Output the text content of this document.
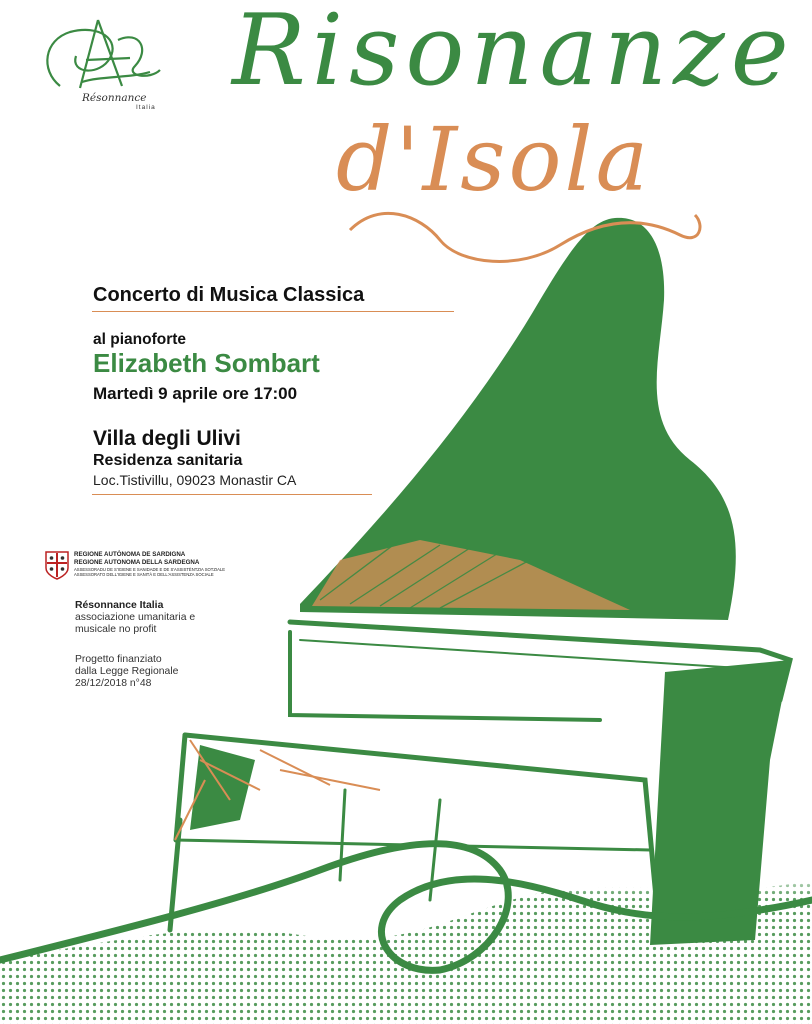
Risonanze
d'Isola
Résonnance
Italia
Concerto di Musica Classica
al pianoforte
Elizabeth Sombart
Martedì 9 aprile ore 17:00
Villa degli Ulivi
Residenza sanitaria
Loc.Tistivillu, 09023 Monastir CA
REGIONE AUTÒNOMA DE SARDIGNA
REGIONE AUTONOMA DELLA SARDEGNA
ASSESSORADU DE S'IGIENE E SANIDADE E DE S'ASSISTÈNTZIA SOTZIALE
ASSESSORATO DELL'IGIENE E SANITÀ E DELL'ASSISTENZA SOCIALE
Résonnance Italia
associazione umanitaria e
musicale no profit
Progetto finanziato
dalla Legge Regionale
28/12/2018 n°48
